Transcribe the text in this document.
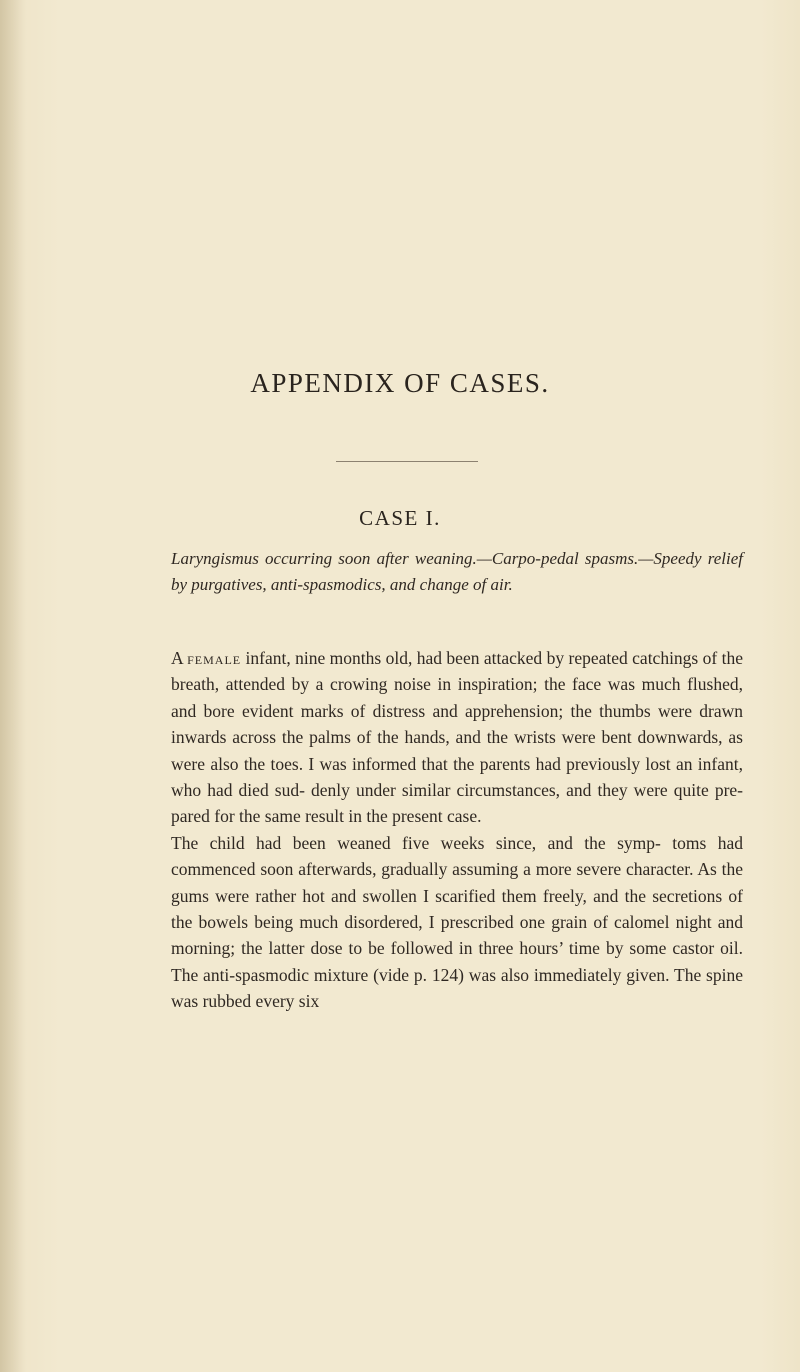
APPENDIX OF CASES.
CASE I.
Laryngismus occurring soon after weaning.—Carpo-pedal spasms.—Speedy relief by purgatives, anti-spasmodics, and change of air.

A female infant, nine months old, had been attacked by repeated catchings of the breath, attended by a crowing noise in inspiration; the face was much flushed, and bore evident marks of distress and apprehension; the thumbs were drawn inwards across the palms of the hands, and the wrists were bent downwards, as were also the toes. I was informed that the parents had previously lost an infant, who had died sud- denly under similar circumstances, and they were quite pre- pared for the same result in the present case.

The child had been weaned five weeks since, and the symp- toms had commenced soon afterwards, gradually assuming a more severe character. As the gums were rather hot and swollen I scarified them freely, and the secretions of the bowels being much disordered, I prescribed one grain of calomel night and morning; the latter dose to be followed in three hours’ time by some castor oil. The anti-spasmodic mixture (vide p. 124) was also immediately given. The spine was rubbed every six
